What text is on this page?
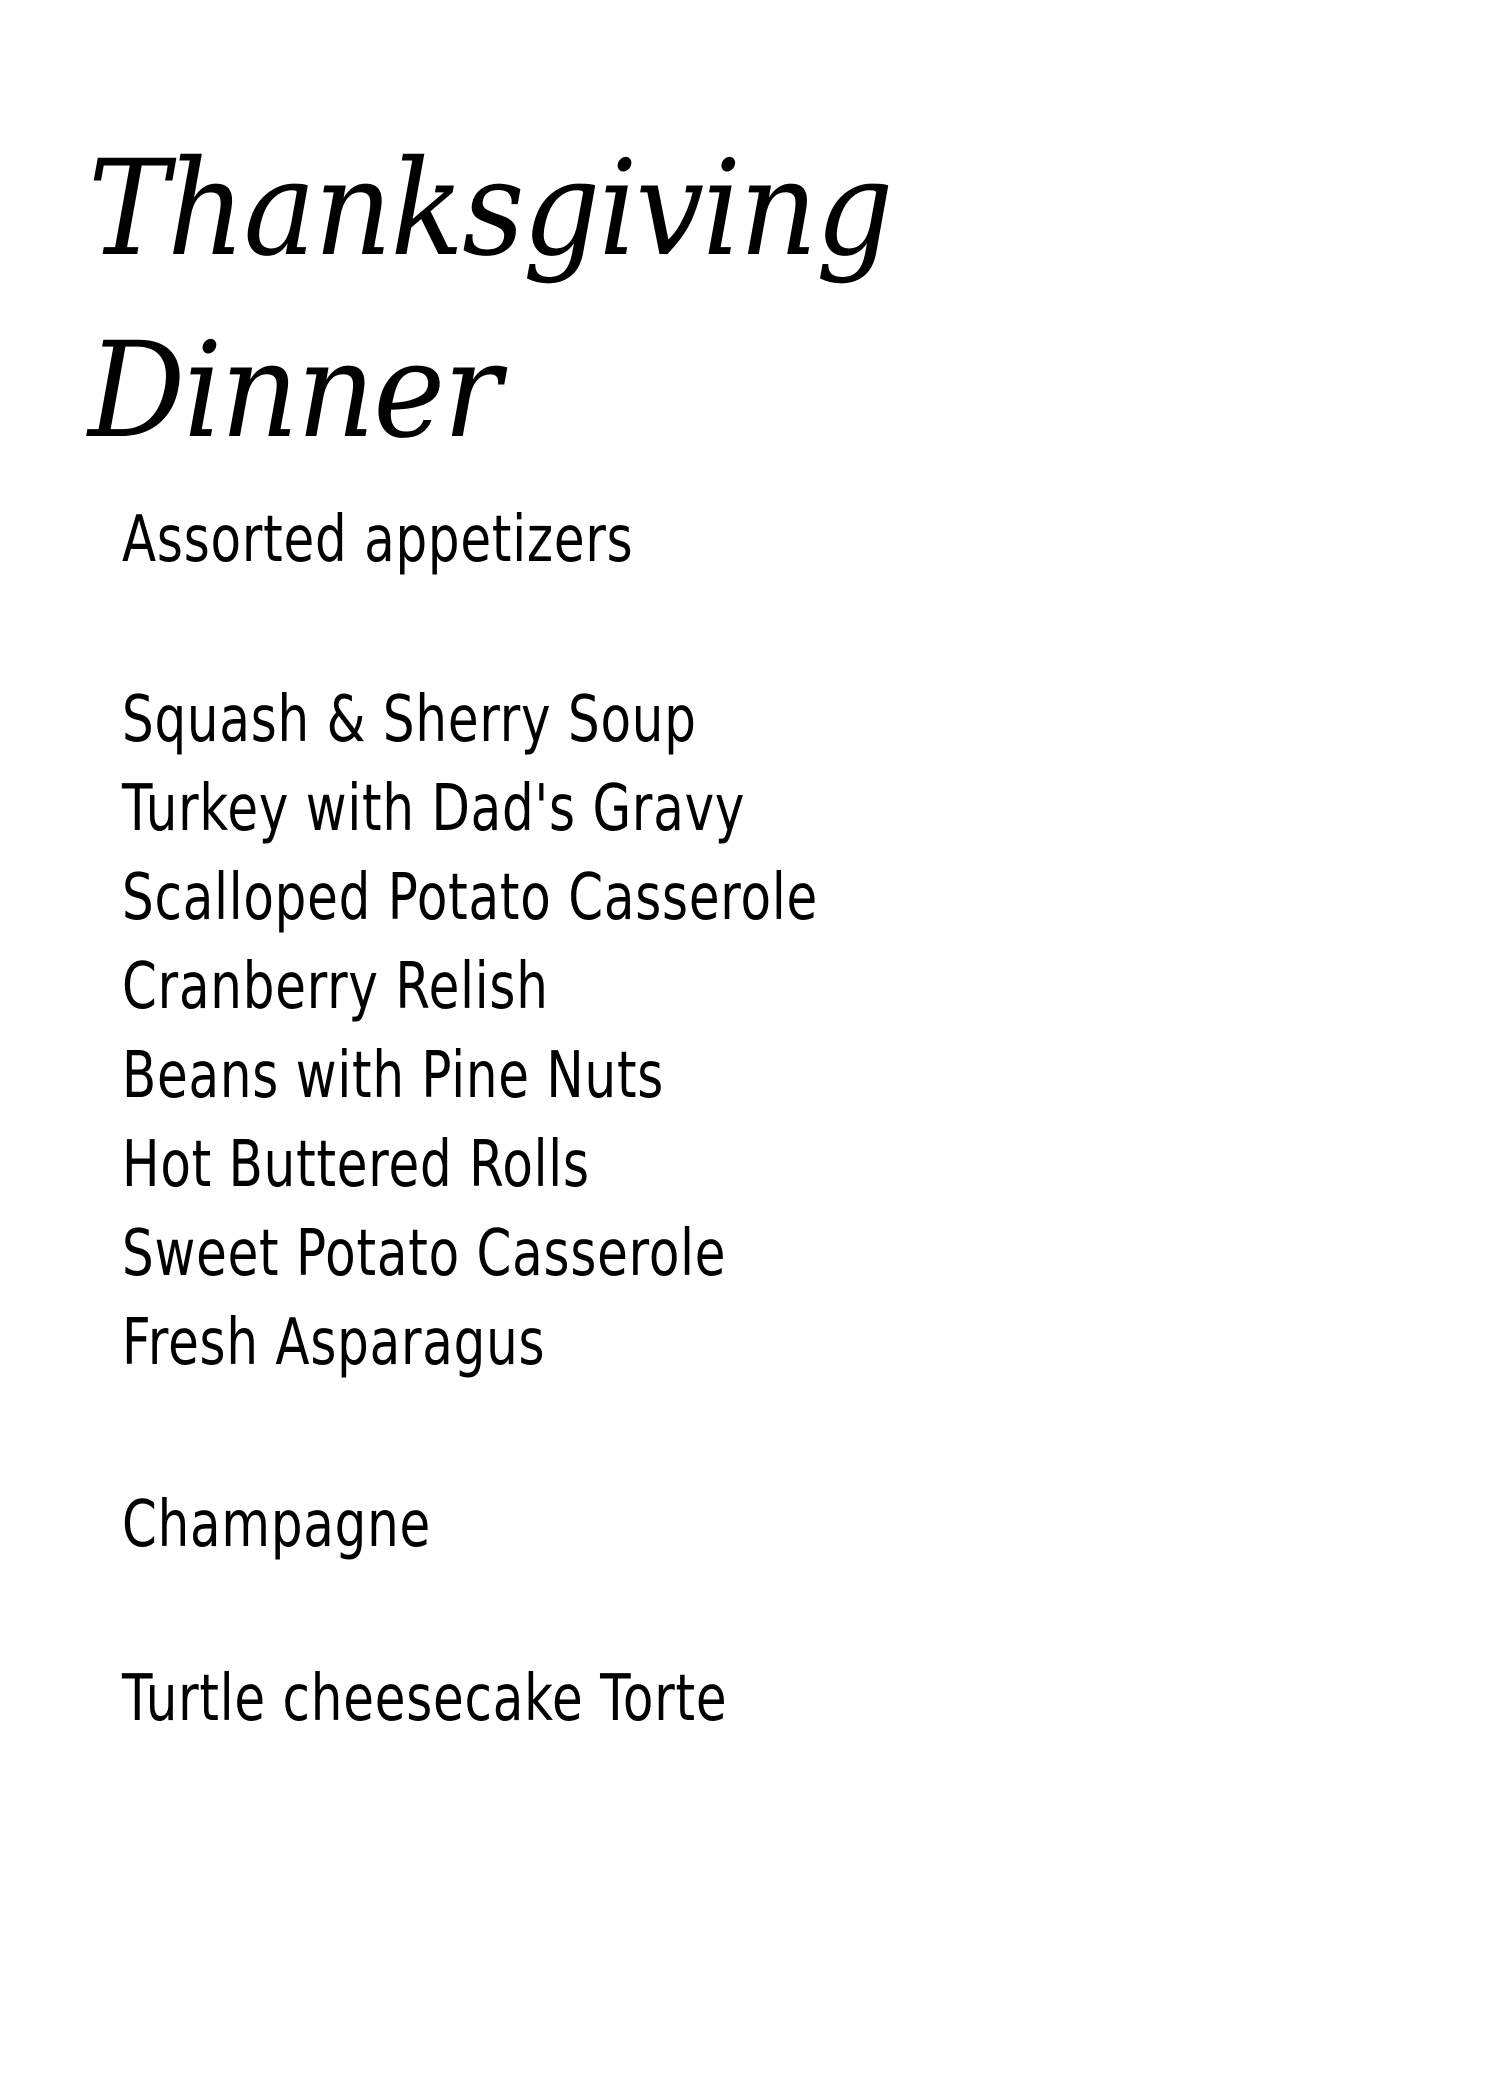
Thanksgiving
Dinner

Assorted appetizers

Squash & Sherry Soup

Turkey with Dad's Gravy

Scalloped Potato Casserole

Cranberry Relish

Beans with Pine Nuts

Hot Buttered Rolls

Sweet Potato Casserole

Fresh Asparagus

Champagne

Turtle cheesecake Torte
